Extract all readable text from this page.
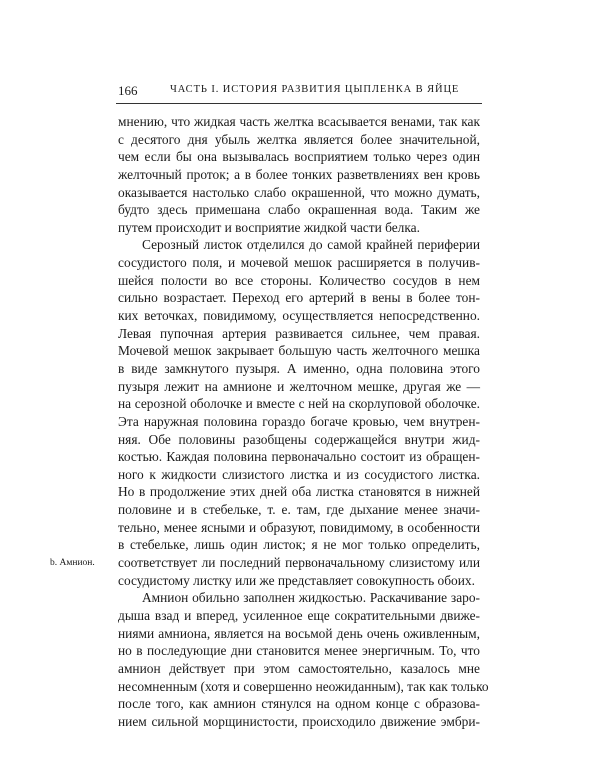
166	ЧАСТЬ I. ИСТОРИЯ РАЗВИТИЯ ЦЫПЛЕНКА В ЯЙЦЕ
b. Амнион.
мнению, что жидкая часть желтка всасывается венами, так как
с десятого дня убыль желтка является более значительной,
чем если бы она вызывалась восприятием только через один
желточный проток; а в более тонких разветвлениях вен кровь
оказывается настолько слабо окрашенной, что можно думать,
будто здесь примешана слабо окрашенная вода. Таким же
путем происходит и восприятие жидкой части белка.
Серозный листок отделился до самой крайней периферии
сосудистого поля, и мочевой мешок расширяется в получив-
шейся полости во все стороны. Количество сосудов в нем
сильно возрастает. Переход его артерий в вены в более тон-
ких веточках, повидимому, осуществляется непосредственно.
Левая пупочная артерия развивается сильнее, чем правая.
Мочевой мешок закрывает большую часть желточного мешка
в виде замкнутого пузыря. А именно, одна половина этого
пузыря лежит на амнионе и желточном мешке, другая же —
на серозной оболочке и вместе с ней на скорлуповой оболочке.
Эта наружная половина гораздо богаче кровью, чем внутрен-
няя. Обе половины разобщены содержащейся внутри жид-
костью. Каждая половина первоначально состоит из обращен-
ного к жидкости слизистого листка и из сосудистого листка.
Но в продолжение этих дней оба листка становятся в нижней
половине и в стебельке, т. е. там, где дыхание менее значи-
тельно, менее ясными и образуют, повидимому, в особенности
в стебельке, лишь один листок; я не мог только определить,
соответствует ли последний первоначальному слизистому или
сосудистому листку или же представляет совокупность обоих.
Амнион обильно заполнен жидкостью. Раскачивание заро-
дыша взад и вперед, усиленное еще сократительными движе-
ниями амниона, является на восьмой день очень оживленным,
но в последующие дни становится менее энергичным. То, что
амнион действует при этом самостоятельно, казалось мне
несомненным (хотя и совершенно неожиданным), так как только
после того, как амнион стянулся на одном конце с образова-
нием сильной морщинистости, происходило движение эмбри-
